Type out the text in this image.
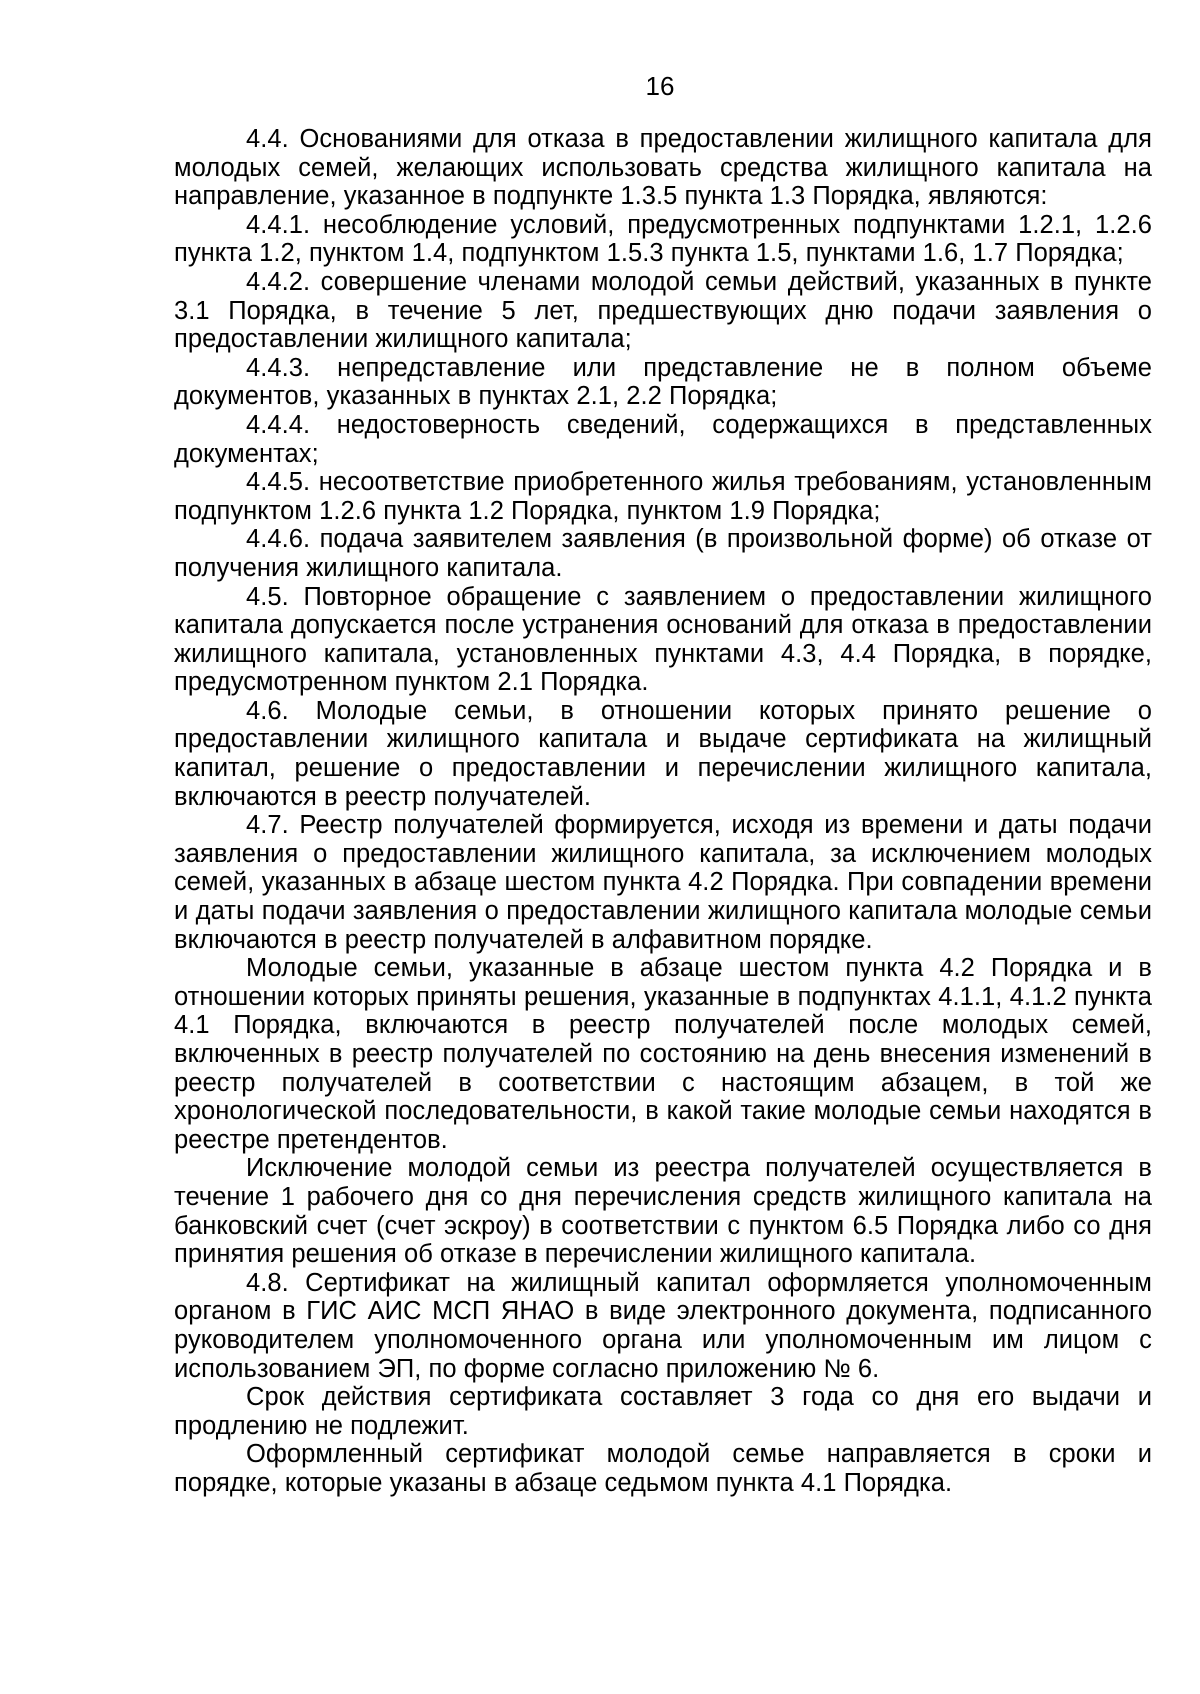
16

4.4. Основаниями для отказа в предоставлении жилищного капитала для молодых семей, желающих использовать средства жилищного капитала на направление, указанное в подпункте 1.3.5 пункта 1.3 Порядка, являются:

4.4.1. несоблюдение условий, предусмотренных подпунктами 1.2.1, 1.2.6 пункта 1.2, пунктом 1.4, подпунктом 1.5.3 пункта 1.5, пунктами 1.6, 1.7 Порядка;

4.4.2. совершение членами молодой семьи действий, указанных в пункте 3.1 Порядка, в течение 5 лет, предшествующих дню подачи заявления о предоставлении жилищного капитала;

4.4.3. непредставление или представление не в полном объеме документов, указанных в пунктах 2.1, 2.2 Порядка;

4.4.4. недостоверность сведений, содержащихся в представленных документах;

4.4.5. несоответствие приобретенного жилья требованиям, установленным подпунктом 1.2.6 пункта 1.2 Порядка, пунктом 1.9 Порядка;

4.4.6. подача заявителем заявления (в произвольной форме) об отказе от получения жилищного капитала.

4.5. Повторное обращение с заявлением о предоставлении жилищного капитала допускается после устранения оснований для отказа в предоставлении жилищного капитала, установленных пунктами 4.3, 4.4 Порядка, в порядке, предусмотренном пунктом 2.1 Порядка.

4.6. Молодые семьи, в отношении которых принято решение о предоставлении жилищного капитала и выдаче сертификата на жилищный капитал, решение о предоставлении и перечислении жилищного капитала, включаются в реестр получателей.

4.7. Реестр получателей формируется, исходя из времени и даты подачи заявления о предоставлении жилищного капитала, за исключением молодых семей, указанных в абзаце шестом пункта 4.2 Порядка. При совпадении времени и даты подачи заявления о предоставлении жилищного капитала молодые семьи включаются в реестр получателей в алфавитном порядке.

Молодые семьи, указанные в абзаце шестом пункта 4.2 Порядка и в отношении которых приняты решения, указанные в подпунктах 4.1.1, 4.1.2 пункта 4.1 Порядка, включаются в реестр получателей после молодых семей, включенных в реестр получателей по состоянию на день внесения изменений в реестр получателей в соответствии с настоящим абзацем, в той же хронологической последовательности, в какой такие молодые семьи находятся в реестре претендентов.

Исключение молодой семьи из реестра получателей осуществляется в течение 1 рабочего дня со дня перечисления средств жилищного капитала на банковский счет (счет эскроу) в соответствии с пунктом 6.5 Порядка либо со дня принятия решения об отказе в перечислении жилищного капитала.

4.8. Сертификат на жилищный капитал оформляется уполномоченным органом в ГИС АИС МСП ЯНАО в виде электронного документа, подписанного руководителем уполномоченного органа или уполномоченным им лицом с использованием ЭП, по форме согласно приложению № 6.

Срок действия сертификата составляет 3 года со дня его выдачи и продлению не подлежит.

Оформленный сертификат молодой семье направляется в сроки и порядке, которые указаны в абзаце седьмом пункта 4.1 Порядка.
